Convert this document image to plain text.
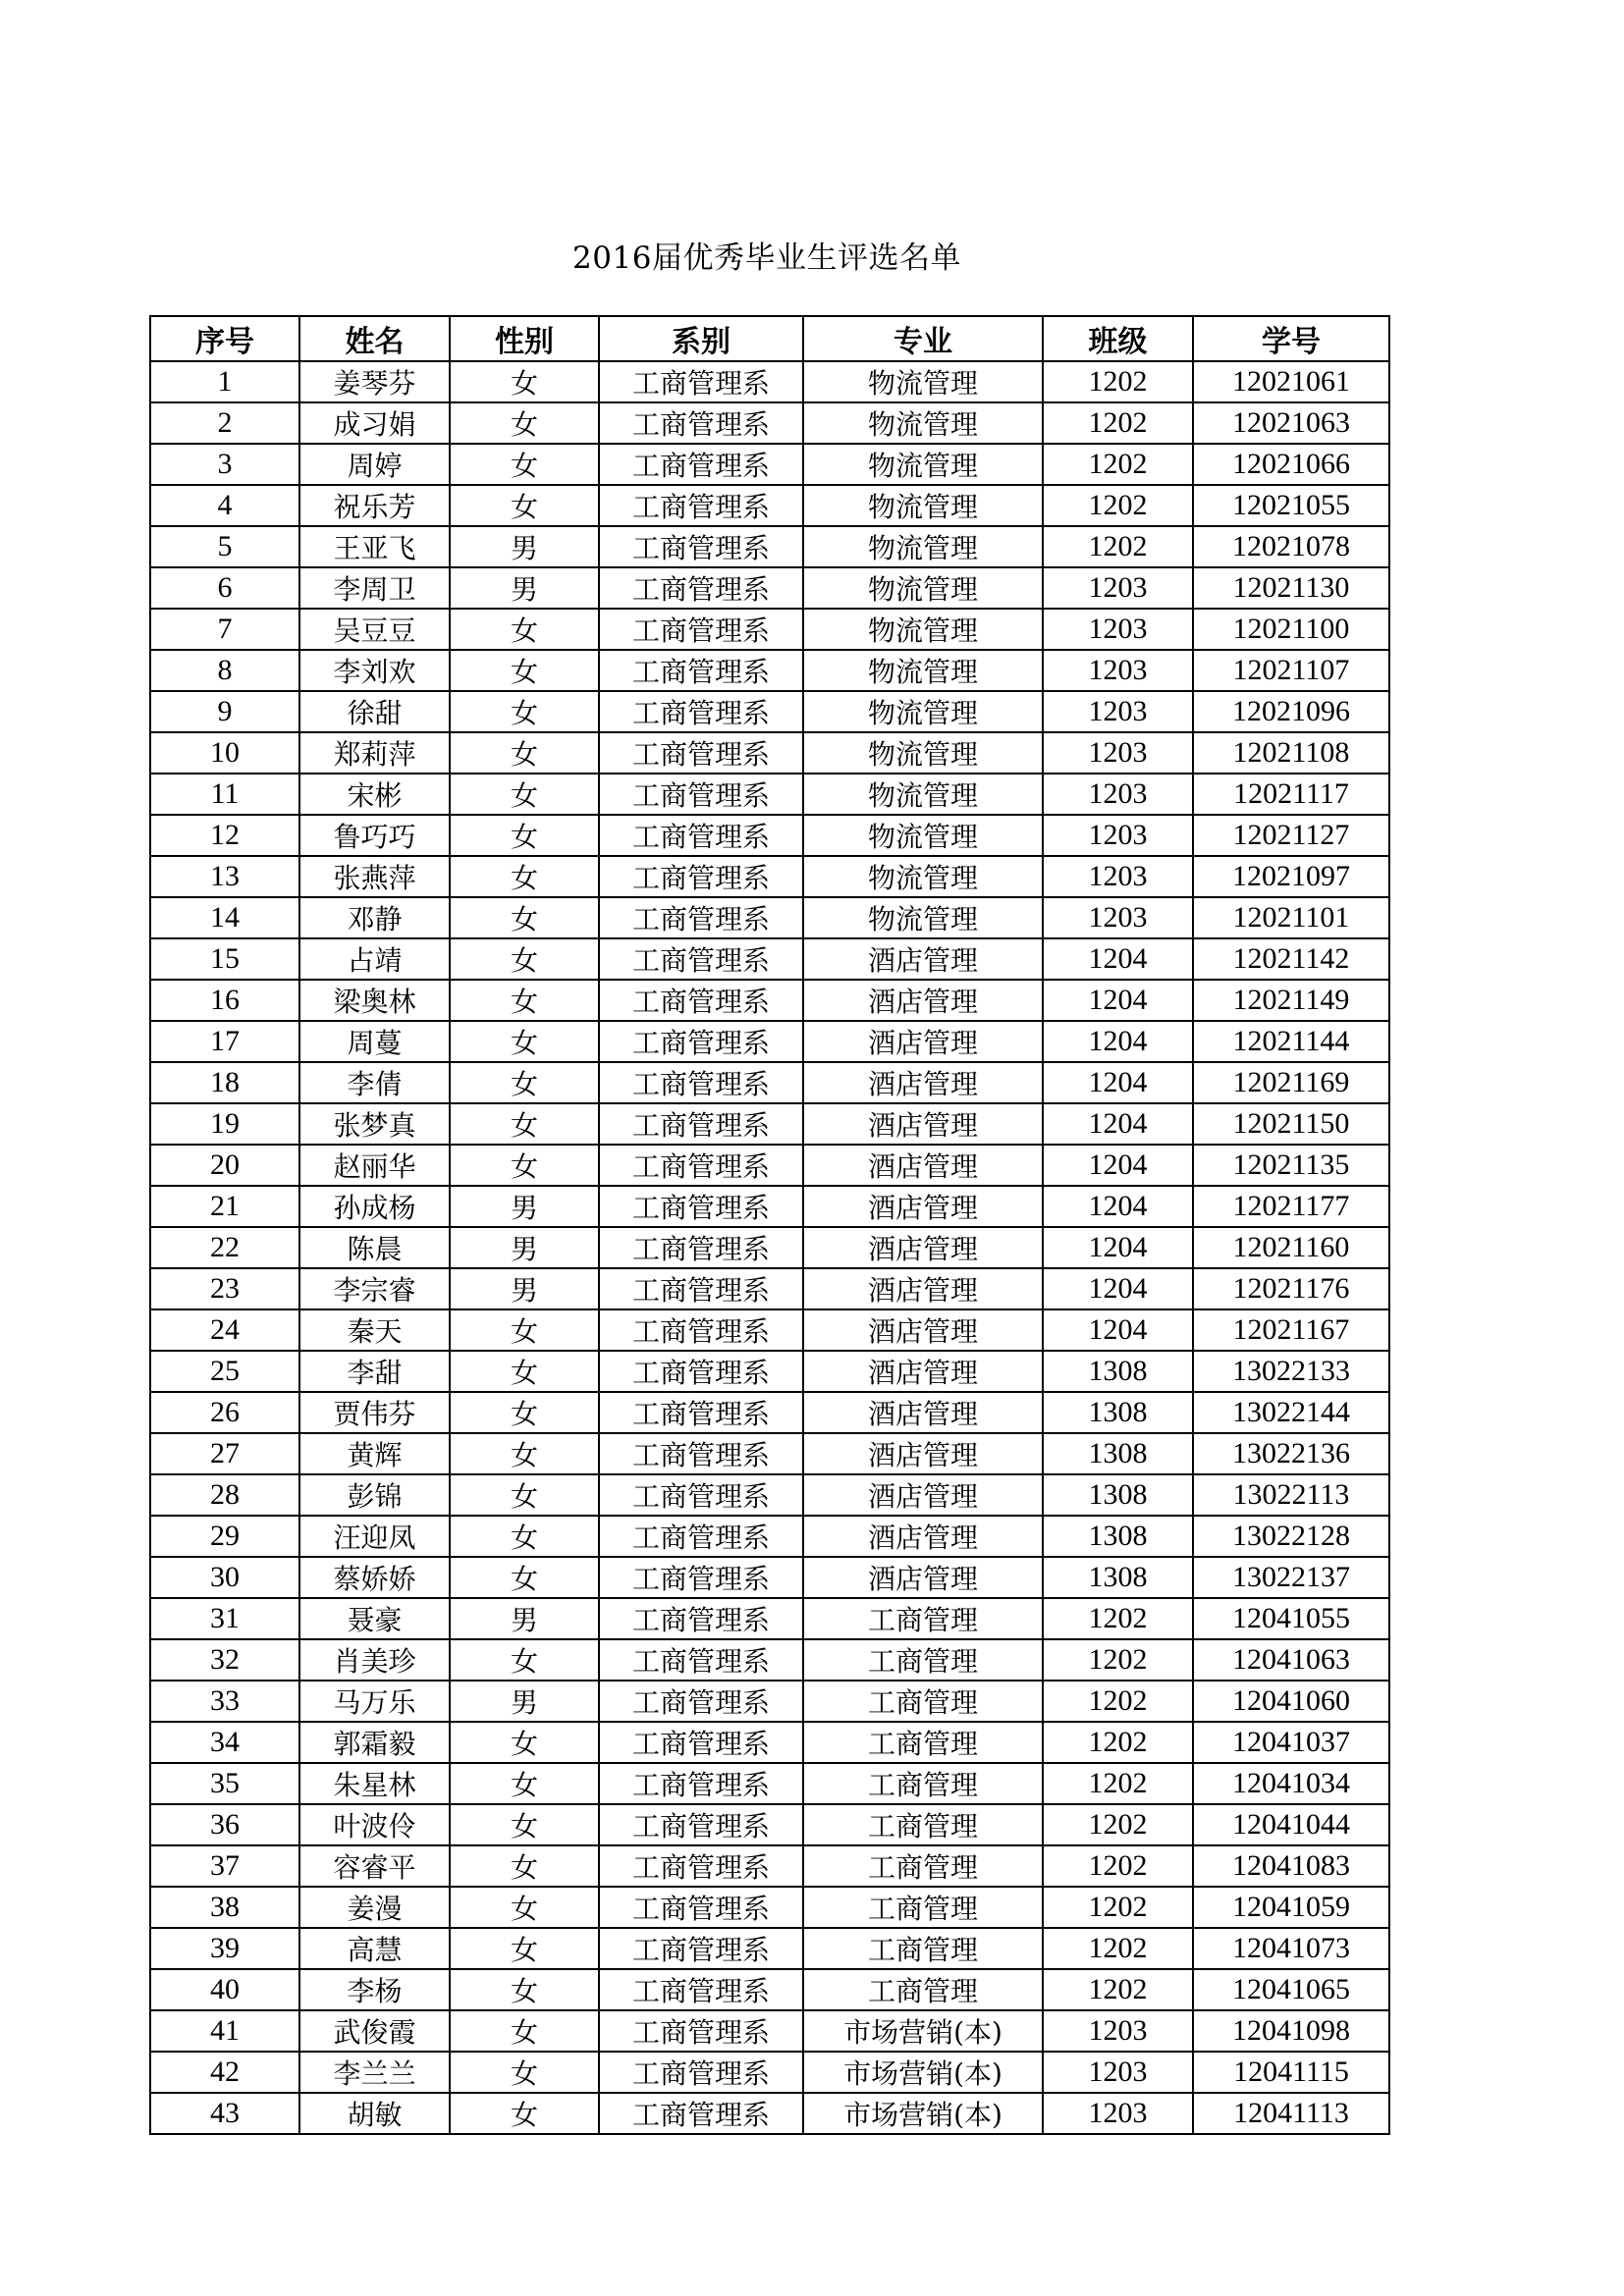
2016届优秀毕业生评选名单
序号	姓名	性别	系别	专业	班级	学号
1	姜琴芬	女	工商管理系	物流管理	1202	12021061
2	成习娟	女	工商管理系	物流管理	1202	12021063
3	周婷	女	工商管理系	物流管理	1202	12021066
4	祝乐芳	女	工商管理系	物流管理	1202	12021055
5	王亚飞	男	工商管理系	物流管理	1202	12021078
6	李周卫	男	工商管理系	物流管理	1203	12021130
7	吴豆豆	女	工商管理系	物流管理	1203	12021100
8	李刘欢	女	工商管理系	物流管理	1203	12021107
9	徐甜	女	工商管理系	物流管理	1203	12021096
10	郑莉萍	女	工商管理系	物流管理	1203	12021108
11	宋彬	女	工商管理系	物流管理	1203	12021117
12	鲁巧巧	女	工商管理系	物流管理	1203	12021127
13	张燕萍	女	工商管理系	物流管理	1203	12021097
14	邓静	女	工商管理系	物流管理	1203	12021101
15	占靖	女	工商管理系	酒店管理	1204	12021142
16	梁奥林	女	工商管理系	酒店管理	1204	12021149
17	周蔓	女	工商管理系	酒店管理	1204	12021144
18	李倩	女	工商管理系	酒店管理	1204	12021169
19	张梦真	女	工商管理系	酒店管理	1204	12021150
20	赵丽华	女	工商管理系	酒店管理	1204	12021135
21	孙成杨	男	工商管理系	酒店管理	1204	12021177
22	陈晨	男	工商管理系	酒店管理	1204	12021160
23	李宗睿	男	工商管理系	酒店管理	1204	12021176
24	秦天	女	工商管理系	酒店管理	1204	12021167
25	李甜	女	工商管理系	酒店管理	1308	13022133
26	贾伟芬	女	工商管理系	酒店管理	1308	13022144
27	黄辉	女	工商管理系	酒店管理	1308	13022136
28	彭锦	女	工商管理系	酒店管理	1308	13022113
29	汪迎凤	女	工商管理系	酒店管理	1308	13022128
30	蔡娇娇	女	工商管理系	酒店管理	1308	13022137
31	聂豪	男	工商管理系	工商管理	1202	12041055
32	肖美珍	女	工商管理系	工商管理	1202	12041063
33	马万乐	男	工商管理系	工商管理	1202	12041060
34	郭霜毅	女	工商管理系	工商管理	1202	12041037
35	朱星林	女	工商管理系	工商管理	1202	12041034
36	叶波伶	女	工商管理系	工商管理	1202	12041044
37	容睿平	女	工商管理系	工商管理	1202	12041083
38	姜漫	女	工商管理系	工商管理	1202	12041059
39	高慧	女	工商管理系	工商管理	1202	12041073
40	李杨	女	工商管理系	工商管理	1202	12041065
41	武俊霞	女	工商管理系	市场营销(本)	1203	12041098
42	李兰兰	女	工商管理系	市场营销(本)	1203	12041115
43	胡敏	女	工商管理系	市场营销(本)	1203	12041113
